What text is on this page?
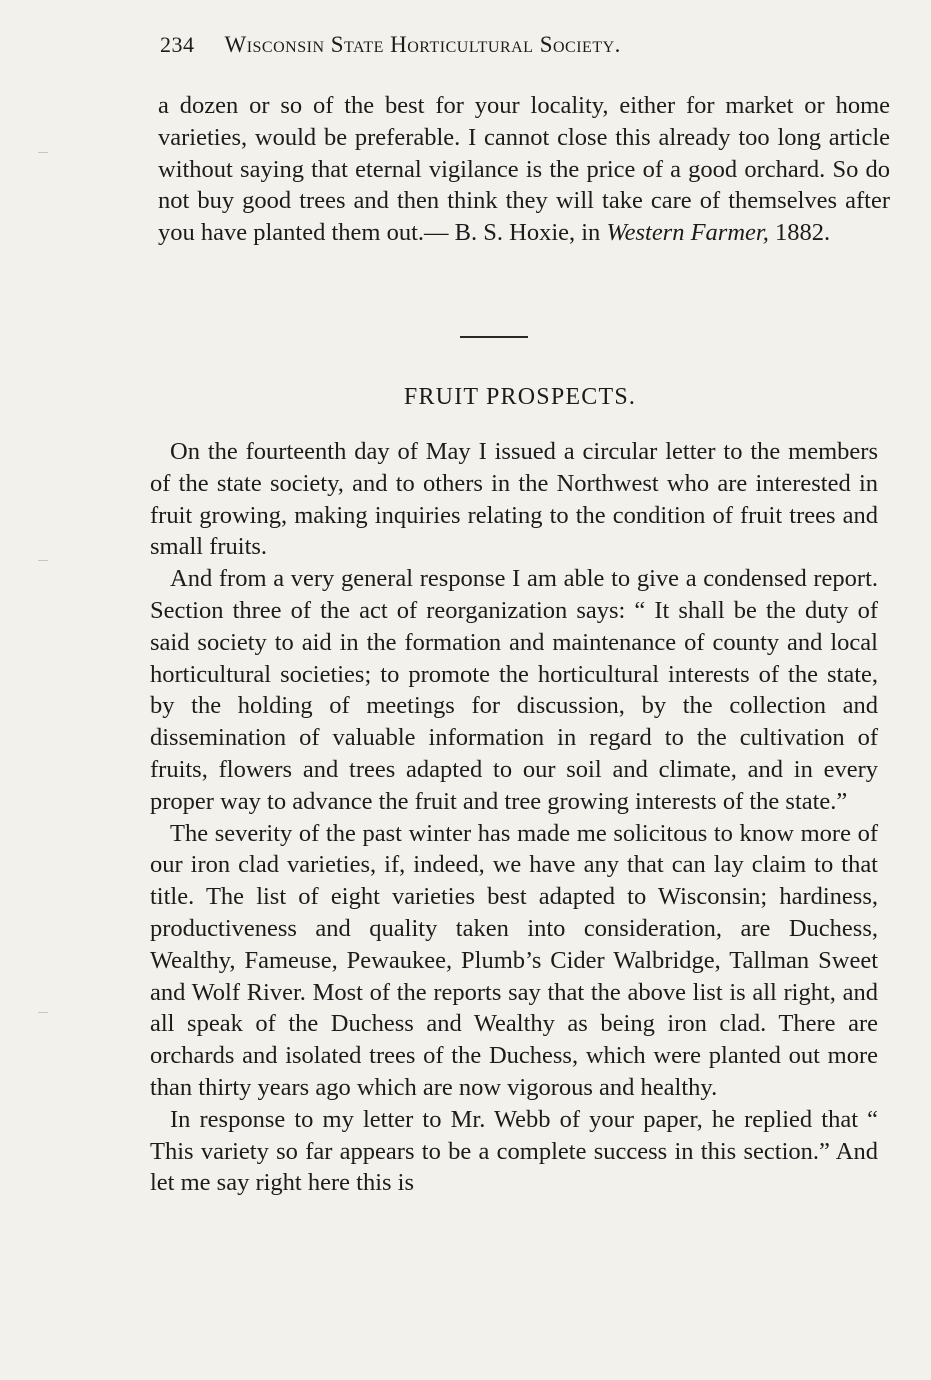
234 Wisconsin State Horticultural Society.

a dozen or so of the best for your locality, either for market or home varieties, would be preferable. I cannot close this already too long article without saying that eternal vigilance is the price of a good orchard. So do not buy good trees and then think they will take care of themselves after you have planted them out.— B. S. Hoxie, in Western Farmer, 1882.

FRUIT PROSPECTS.

On the fourteenth day of May I issued a circular letter to the members of the state society, and to others in the Northwest who are interested in fruit growing, making inquiries relating to the condition of fruit trees and small fruits.

And from a very general response I am able to give a condensed report. Section three of the act of reorganization says: “ It shall be the duty of said society to aid in the formation and maintenance of county and local horticultural societies; to promote the horticultural interests of the state, by the holding of meetings for discussion, by the collection and dissemination of valuable information in regard to the cultivation of fruits, flowers and trees adapted to our soil and climate, and in every proper way to advance the fruit and tree growing interests of the state.”

The severity of the past winter has made me solicitous to know more of our iron clad varieties, if, indeed, we have any that can lay claim to that title. The list of eight varieties best adapted to Wisconsin; hardiness, productiveness and quality taken into consideration, are Duchess, Wealthy, Fameuse, Pewaukee, Plumb’s Cider Walbridge, Tallman Sweet and Wolf River. Most of the reports say that the above list is all right, and all speak of the Duchess and Wealthy as being iron clad. There are orchards and isolated trees of the Duchess, which were planted out more than thirty years ago which are now vigorous and healthy.

In response to my letter to Mr. Webb of your paper, he replied that “ This variety so far appears to be a complete success in this section.” And let me say right here this is
